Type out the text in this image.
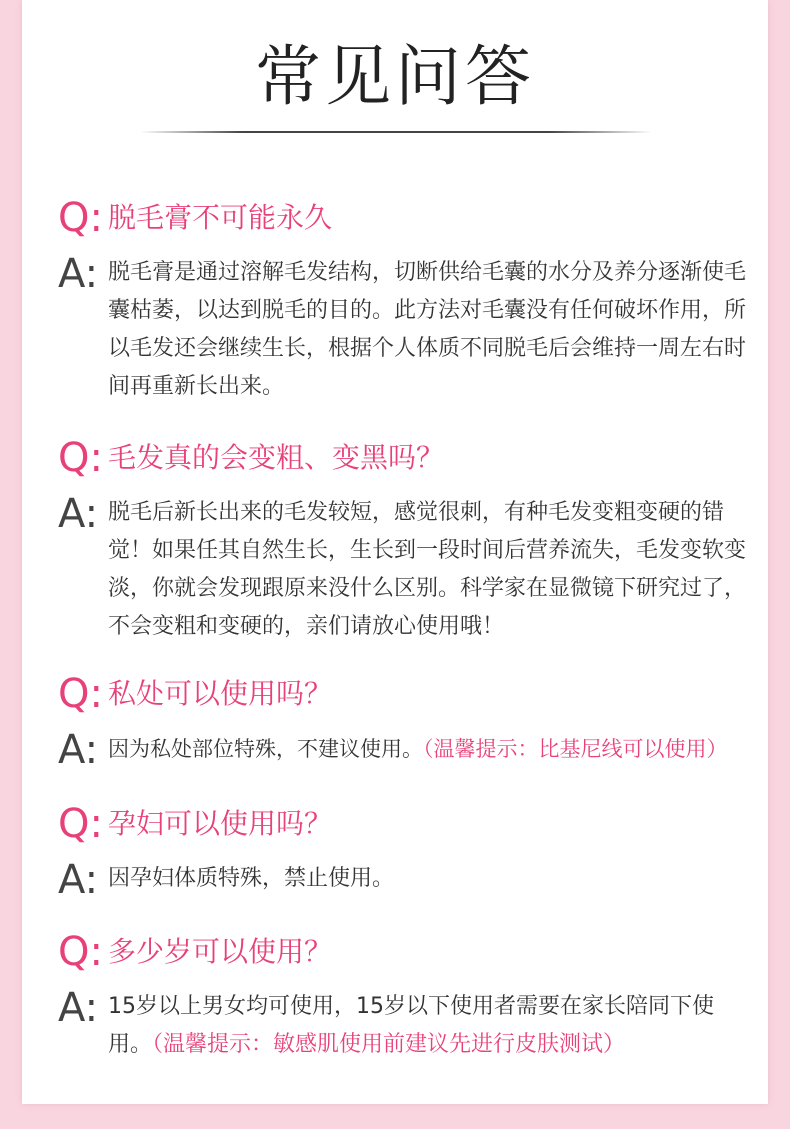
常见问答
Q: 脱毛膏不可能永久
A: 脱毛膏是通过溶解毛发结构，切断供给毛囊的水分及养分逐渐使毛囊枯萎，以达到脱毛的目的。此方法对毛囊没有任何破坏作用，所以毛发还会继续生长，根据个人体质不同脱毛后会维持一周左右时间再重新长出来。
Q: 毛发真的会变粗、变黑吗？
A: 脱毛后新长出来的毛发较短，感觉很刺，有种毛发变粗变硬的错觉！如果任其自然生长，生长到一段时间后营养流失，毛发变软变淡，你就会发现跟原来没什么区别。科学家在显微镜下研究过了，不会变粗和变硬的，亲们请放心使用哦！
Q: 私处可以使用吗？
A: 因为私处部位特殊，不建议使用。（温馨提示：比基尼线可以使用）
Q: 孕妇可以使用吗？
A: 因孕妇体质特殊，禁止使用。
Q: 多少岁可以使用？
A: 15岁以上男女均可使用，15岁以下使用者需要在家长陪同下使用。（温馨提示：敏感肌使用前建议先进行皮肤测试）
